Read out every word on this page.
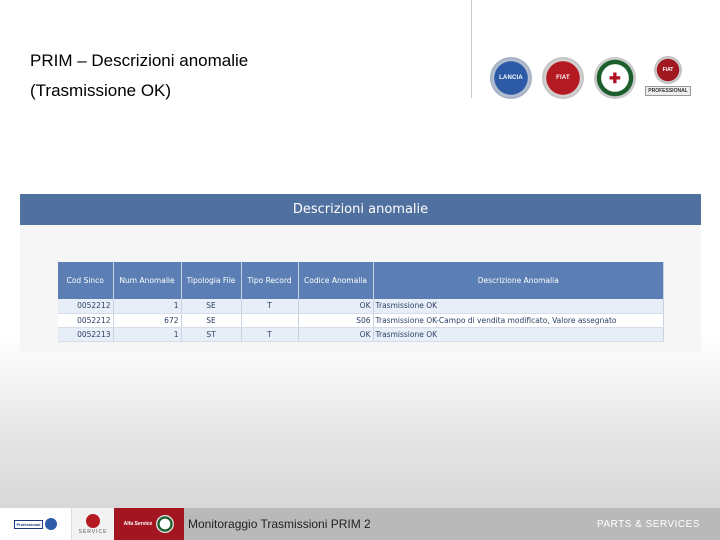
PRIM – Descrizioni anomalie
(Trasmissione OK)
LANCIA	FIAT	✚	FIAT
PROFESSIONAL
Descrizioni anomalie
Cod Sinco	Num Anomalie	Tipologia File	Tipo Record	Codice Anomalia	Descrizione Anomalia
0052212	1	SE	T	OK	Trasmissione OK
0052212	672	SE		S06	Trasmissione OK-Campo di vendita modificato, Valore assegnato
0052213	1	ST	T	OK	Trasmissione OK
Professional
SERVICE
Alfa Service	Monitoraggio Trasmissioni PRIM 2	PARTS & SERVICES
